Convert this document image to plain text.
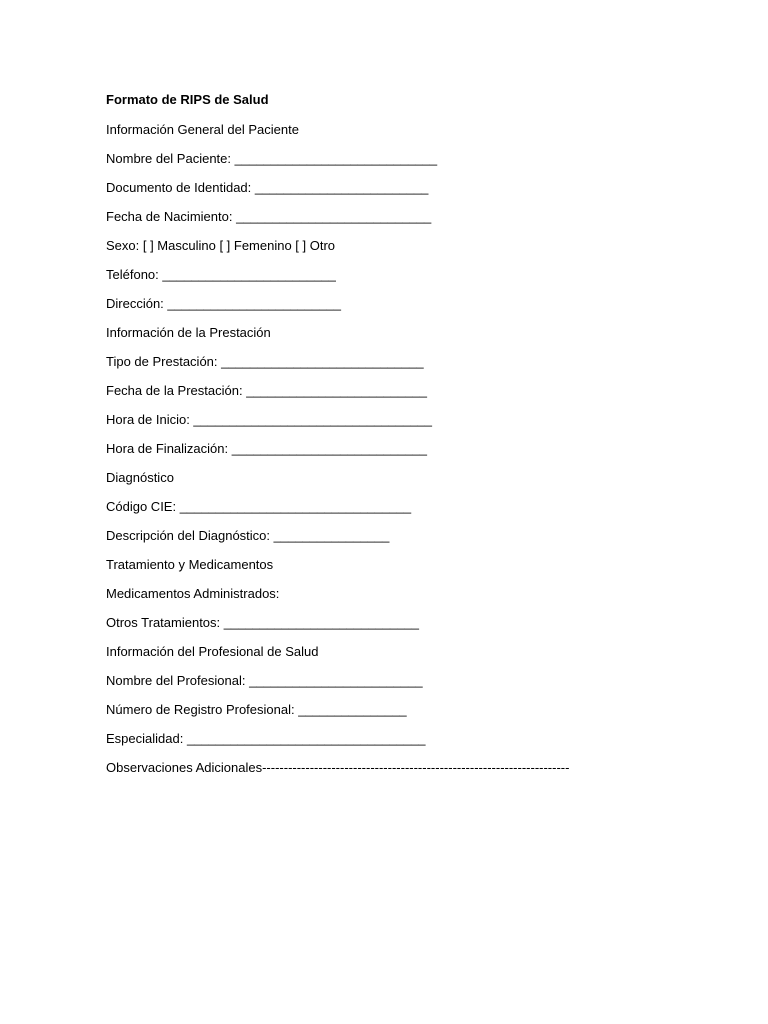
Formato de RIPS de Salud
Información General del Paciente
Nombre del Paciente: ____________________________
Documento de Identidad: ________________________
Fecha de Nacimiento: ___________________________
Sexo: [ ] Masculino [ ] Femenino [ ] Otro
Teléfono: ________________________
Dirección: ________________________
Información de la Prestación
Tipo de Prestación: ____________________________
Fecha de la Prestación: _________________________
Hora de Inicio: _________________________________
Hora de Finalización: ___________________________
Diagnóstico
Código CIE: ________________________________
Descripción del Diagnóstico: ________________
Tratamiento y Medicamentos
Medicamentos Administrados:
Otros Tratamientos: ___________________________
Información del Profesional de Salud
Nombre del Profesional: ________________________
Número de Registro Profesional: _______________
Especialidad: _________________________________
Observaciones Adicionales-----------------------------------------------------------------------
